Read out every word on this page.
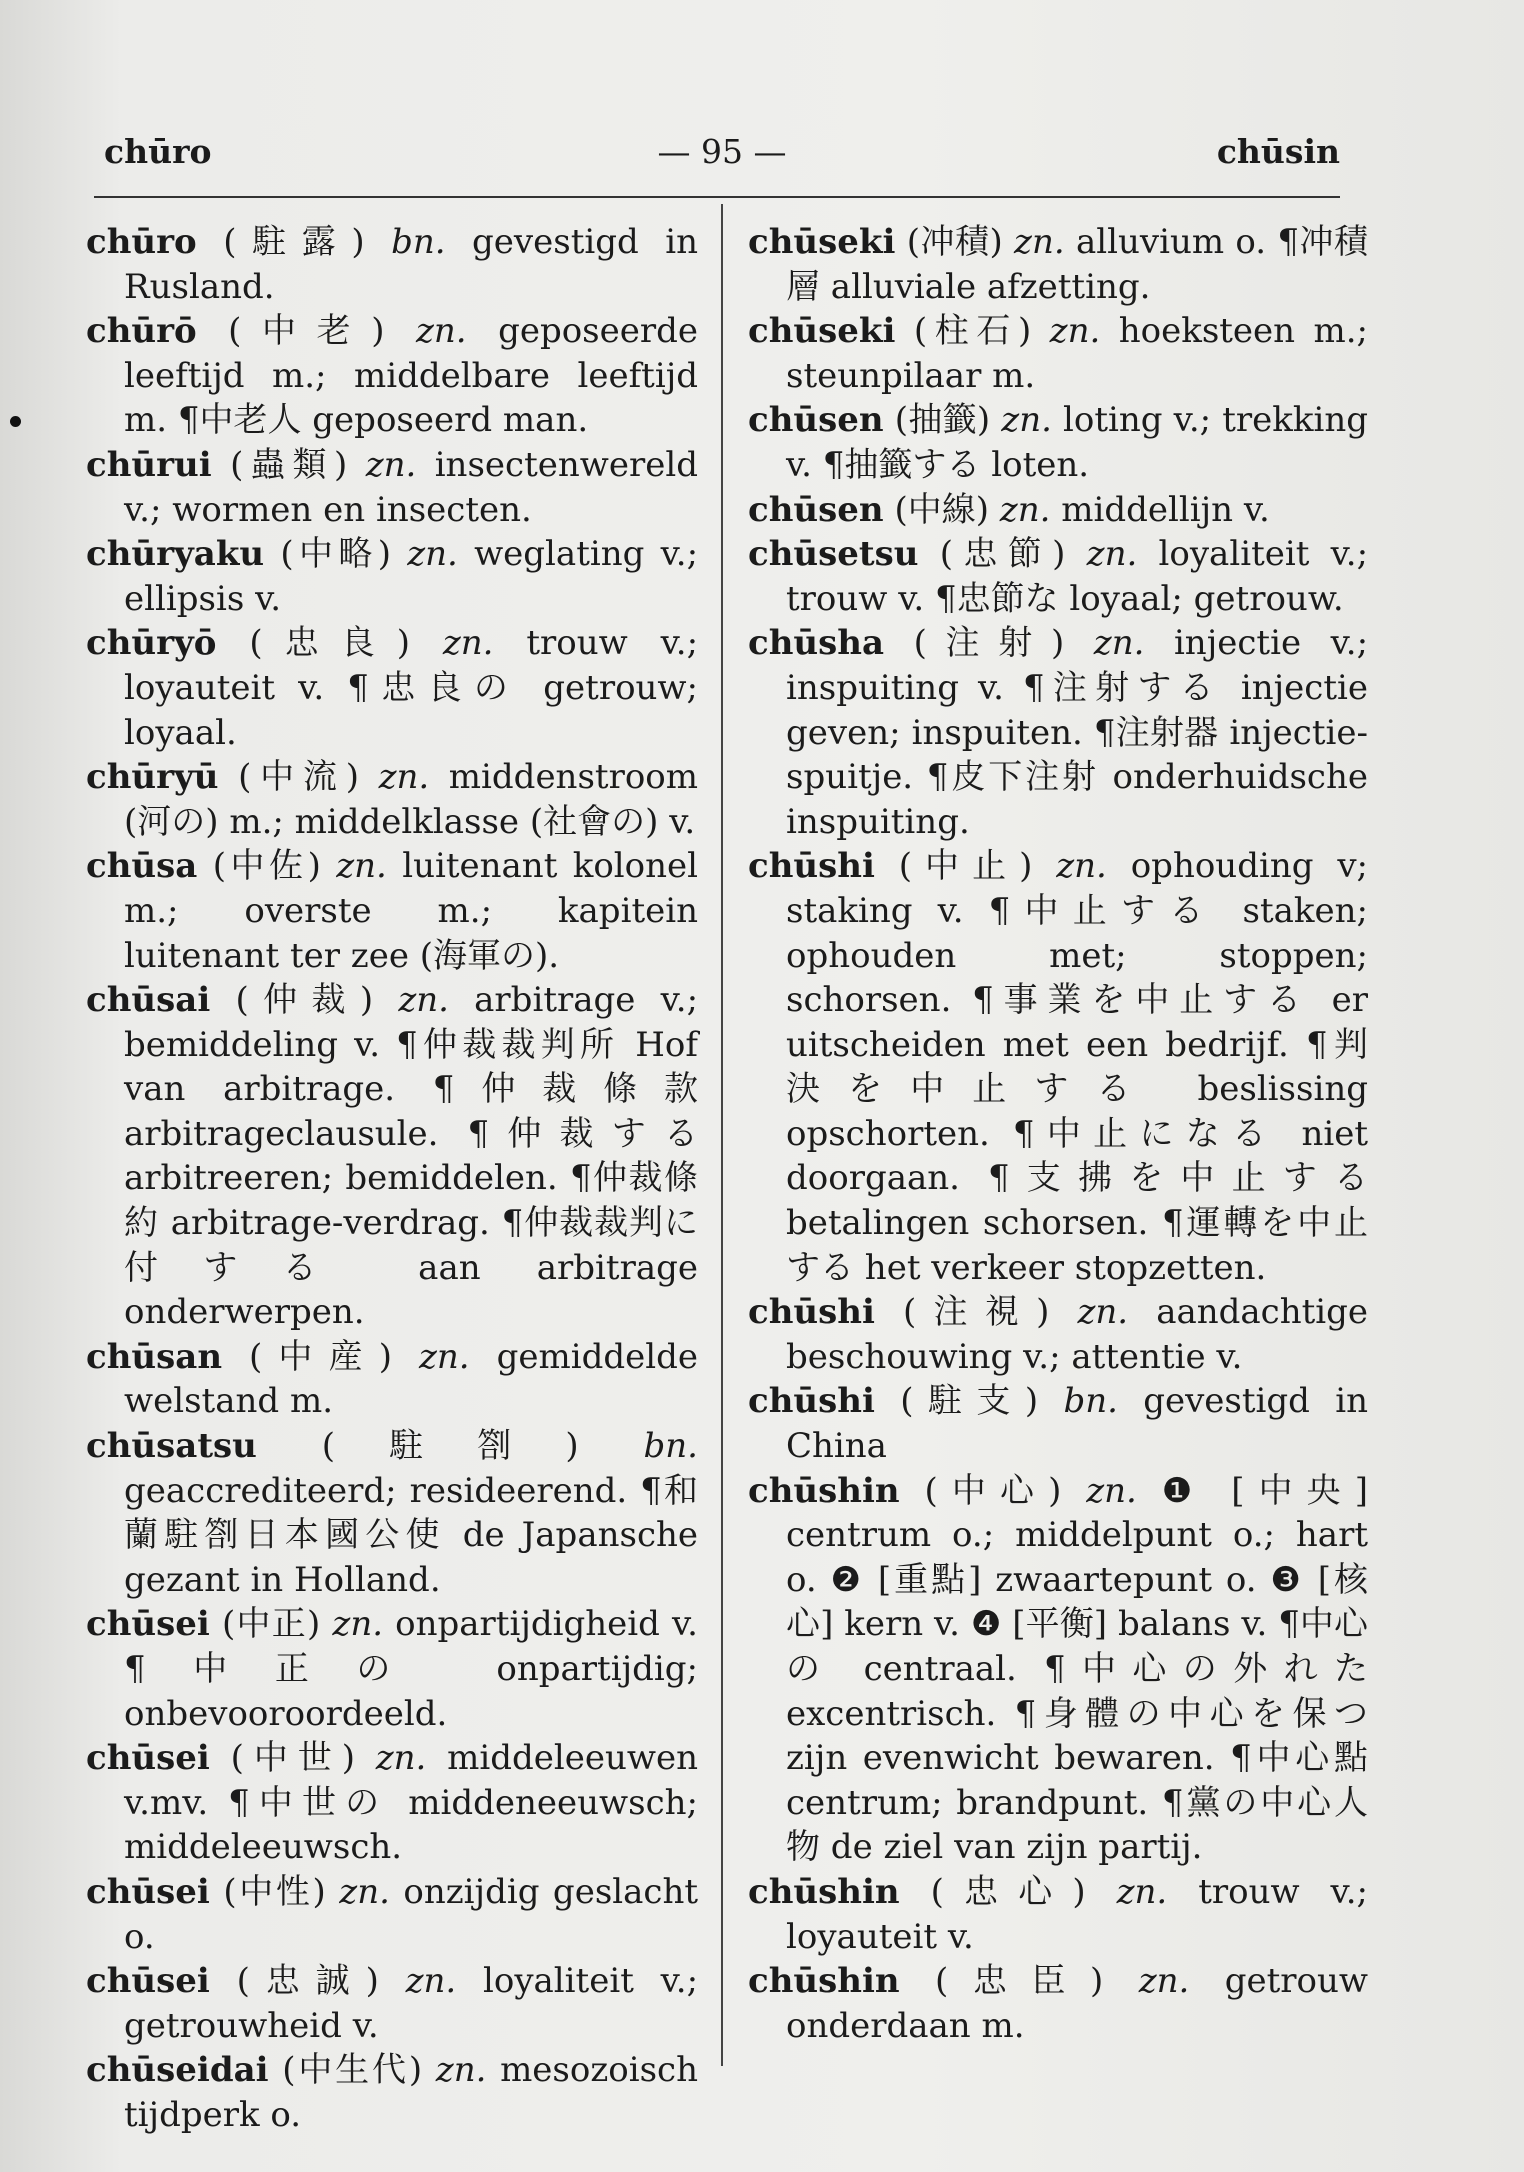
chūro	— 95 —	chūsin

chūro (駐露) bn. gevestigd in Rusland.

chūrō (中老) zn. geposeerde leeftijd m.; middelbare leeftijd m. ¶中老人 geposeerd man.

chūrui (蟲類) zn. insectenwereld v.; wormen en insecten.

chūryaku (中略) zn. weglating v.; ellipsis v.

chūryō (忠良) zn. trouw v.; loyauteit v. ¶忠良の getrouw; loyaal.

chūryū (中流) zn. middenstroom (河の) m.; middelklasse (社會の) v.

chūsa (中佐) zn. luitenant kolonel m.; overste m.; kapitein luitenant ter zee (海軍の).

chūsai (仲裁) zn. arbitrage v.; bemiddeling v. ¶仲裁裁判所 Hof van arbitrage. ¶仲裁條款 arbitrageclausule. ¶仲裁する arbitreeren; bemiddelen. ¶仲裁條約 arbitrage-verdrag. ¶仲裁裁判に付する aan arbitrage onderwerpen.

chūsan (中産) zn. gemiddelde welstand m.

chūsatsu (駐劄) bn. geaccrediteerd; resideerend. ¶和蘭駐劄日本國公使 de Japansche gezant in Holland.

chūsei (中正) zn. onpartijdigheid v. ¶中正の onpartijdig; onbevooroordeeld.

chūsei (中世) zn. middeleeuwen v.mv. ¶中世の middeneeuwsch; middeleeuwsch.

chūsei (中性) zn. onzijdig geslacht o.

chūsei (忠誠) zn. loyaliteit v.; getrouwheid v.

chūseidai (中生代) zn. mesozoisch tijdperk o.

chūseki (冲積) zn. alluvium o. ¶冲積層 alluviale afzetting.

chūseki (柱石) zn. hoeksteen m.; steunpilaar m.

chūsen (抽籤) zn. loting v.; trekking v. ¶抽籤する loten.

chūsen (中線) zn. middellijn v.

chūsetsu (忠節) zn. loyaliteit v.; trouw v. ¶忠節な loyaal; getrouw.

chūsha (注射) zn. injectie v.; inspuiting v. ¶注射する injectie geven; inspuiten. ¶注射器 injectie-spuitje. ¶皮下注射 onderhuidsche inspuiting.

chūshi (中止) zn. ophouding v; staking v. ¶中止する staken; ophouden met; stoppen; schorsen. ¶事業を中止する er uitscheiden met een bedrijf. ¶判決を中止する beslissing opschorten. ¶中止になる niet doorgaan. ¶支拂を中止する betalingen schorsen. ¶運轉を中止する het verkeer stopzetten.

chūshi (注視) zn. aandachtige beschouwing v.; attentie v.

chūshi (駐支) bn. gevestigd in China

chūshin (中心) zn. ❶ [中央] centrum o.; middelpunt o.; hart o. ❷ [重點] zwaartepunt o. ❸ [核心] kern v. ❹ [平衡] balans v. ¶中心の centraal. ¶中心の外れた excentrisch. ¶身體の中心を保つ zijn evenwicht bewaren. ¶中心點 centrum; brandpunt. ¶黨の中心人物 de ziel van zijn partij.

chūshin (忠心) zn. trouw v.; loyauteit v.

chūshin (忠臣) zn. getrouw onderdaan m.
